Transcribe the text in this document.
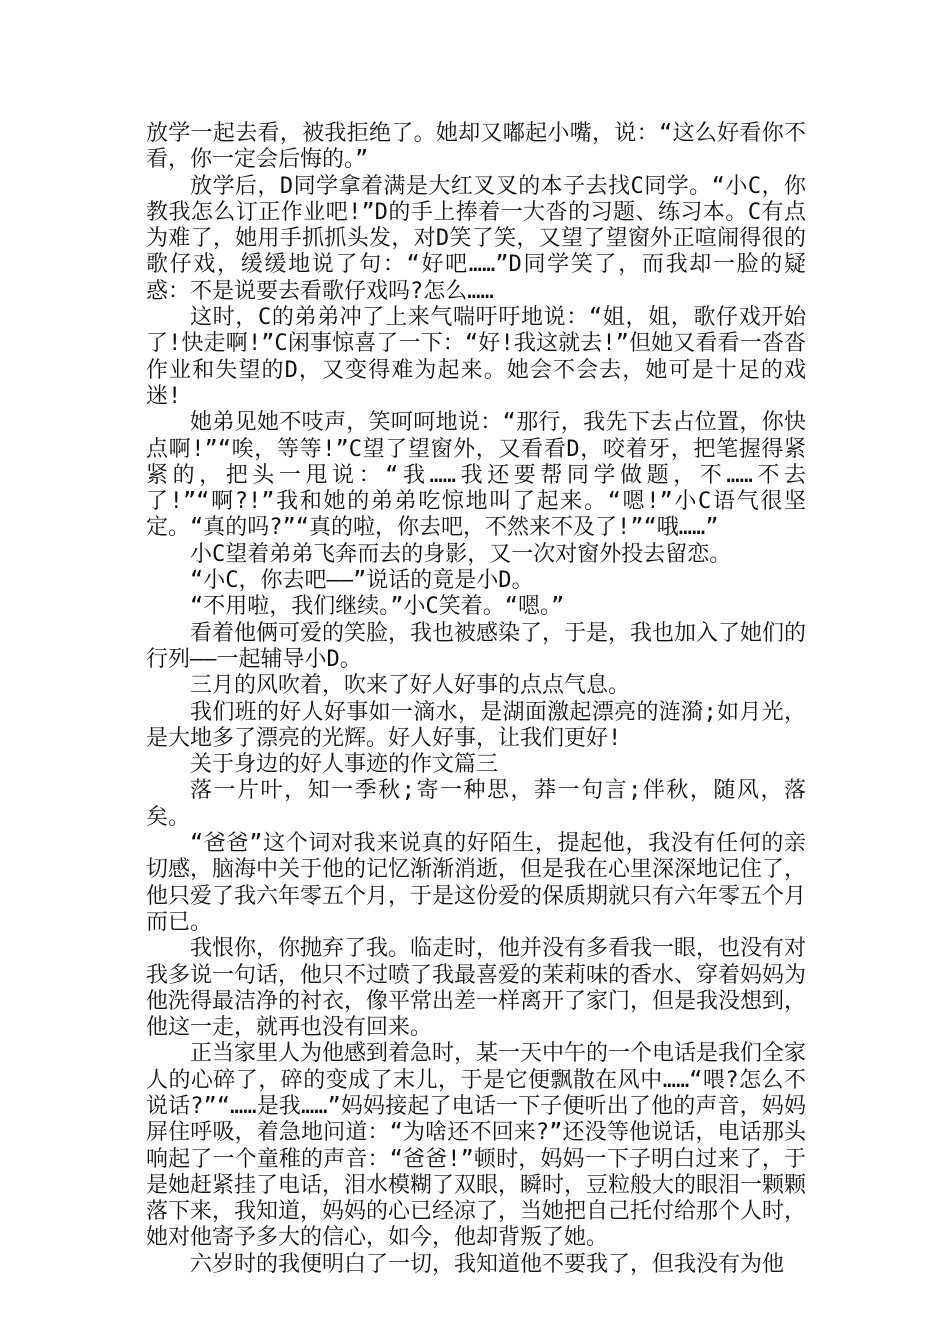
放学一起去看，被我拒绝了。她却又嘟起小嘴，说：“这么好看你不看，你一定会后悔的。”

放学后，D同学拿着满是大红叉叉的本子去找C同学。“小C，你教我怎么订正作业吧!”D的手上捧着一大沓的习题、练习本。C有点为难了，她用手抓抓头发，对D笑了笑，又望了望窗外正喧闹得很的歌仔戏，缓缓地说了句：“好吧……”D同学笑了，而我却一脸的疑惑：不是说要去看歌仔戏吗?怎么……

这时，C的弟弟冲了上来气喘吁吁地说：“姐，姐，歌仔戏开始了!快走啊!”C闲事惊喜了一下：“好!我这就去!”但她又看看一沓沓作业和失望的D，又变得难为起来。她会不会去，她可是十足的戏迷!

她弟见她不吱声，笑呵呵地说：“那行，我先下去占位置，你快点啊!”“唉，等等!”C望了望窗外，又看看D，咬着牙，把笔握得紧紧的，把头一甩说：“我……我还要帮同学做题，不……不去了!”“啊?!”我和她的弟弟吃惊地叫了起来。“嗯!”小C语气很坚定。“真的吗?”“真的啦，你去吧，不然来不及了!”“哦……”

小C望着弟弟飞奔而去的身影，又一次对窗外投去留恋。

“小C，你去吧——”说话的竟是小D。

“不用啦，我们继续。”小C笑着。“嗯。”

看着他俩可爱的笑脸，我也被感染了，于是，我也加入了她们的行列——一起辅导小D。

三月的风吹着，吹来了好人好事的点点气息。

我们班的好人好事如一滴水，是湖面激起漂亮的涟漪;如月光，是大地多了漂亮的光辉。好人好事，让我们更好!

关于身边的好人事迹的作文篇三

落一片叶，知一季秋;寄一种思，莽一句言;伴秋，随风，落矣。

“爸爸”这个词对我来说真的好陌生，提起他，我没有任何的亲切感，脑海中关于他的记忆渐渐消逝，但是我在心里深深地记住了，他只爱了我六年零五个月，于是这份爱的保质期就只有六年零五个月而已。

我恨你，你抛弃了我。临走时，他并没有多看我一眼，也没有对我多说一句话，他只不过喷了我最喜爱的茉莉味的香水、穿着妈妈为他洗得最洁净的衬衣，像平常出差一样离开了家门，但是我没想到，他这一走，就再也没有回来。

正当家里人为他感到着急时，某一天中午的一个电话是我们全家人的心碎了，碎的变成了末儿，于是它便飘散在风中……“喂?怎么不说话?”“……是我……”妈妈接起了电话一下子便听出了他的声音，妈妈屏住呼吸，着急地问道：“为啥还不回来?”还没等他说话，电话那头响起了一个童稚的声音：“爸爸!”顿时，妈妈一下子明白过来了，于是她赶紧挂了电话，泪水模糊了双眼，瞬时，豆粒般大的眼泪一颗颗落下来，我知道，妈妈的心已经凉了，当她把自己托付给那个人时，她对他寄予多大的信心，如今，他却背叛了她。

六岁时的我便明白了一切，我知道他不要我了，但我没有为他
